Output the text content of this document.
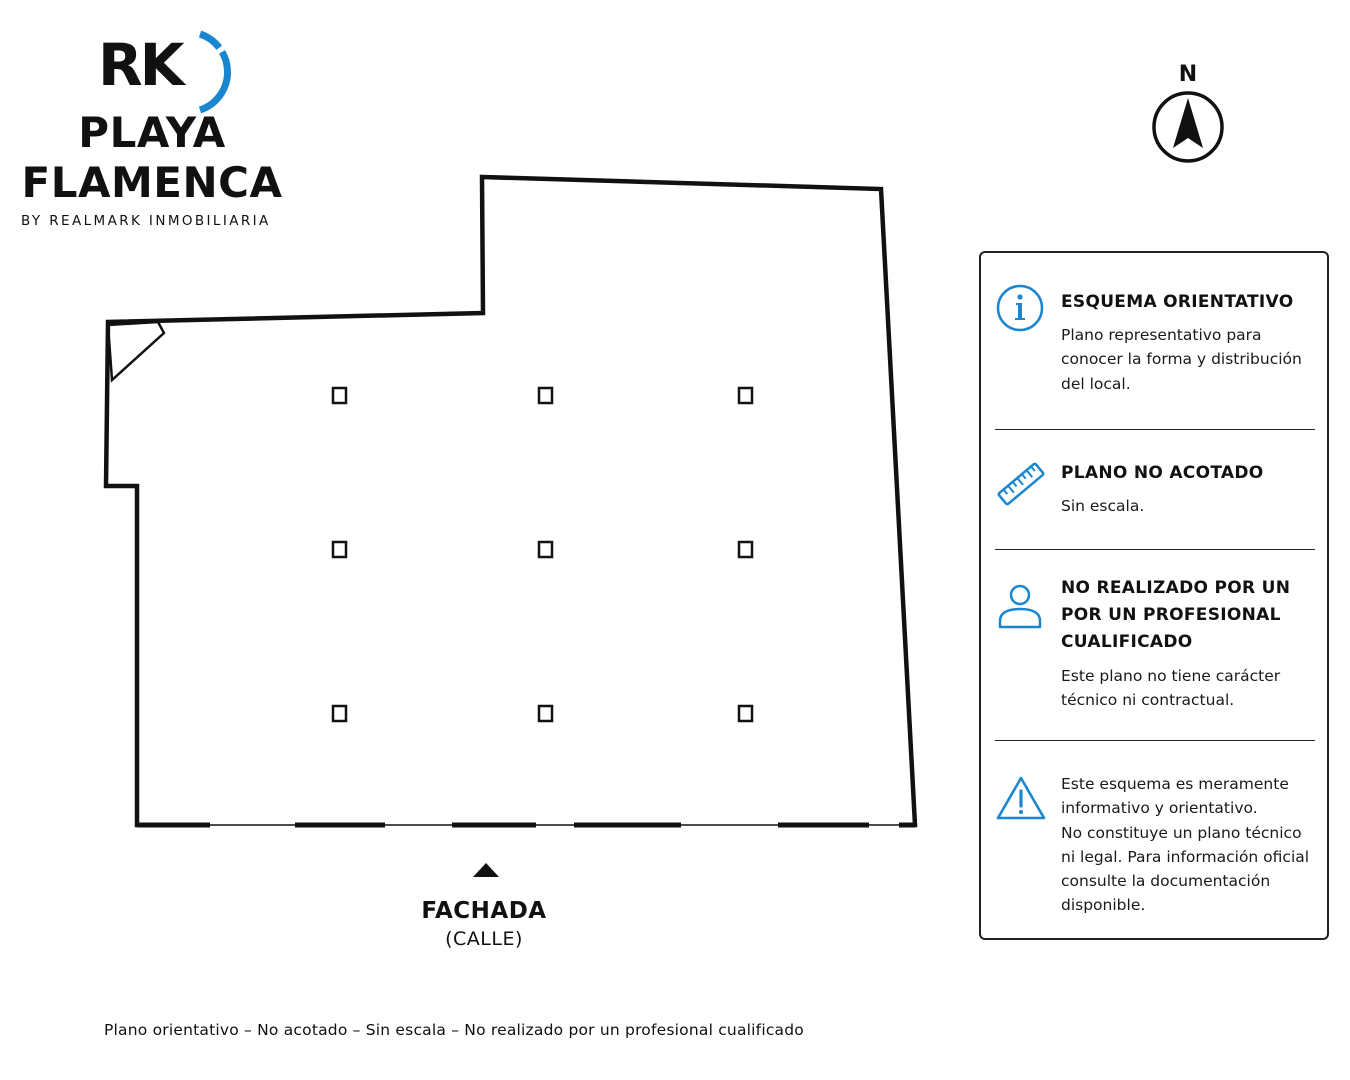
RK
PLAYA
FLAMENCA
BY REALMARK INMOBILIARIA
N
FACHADA
(CALLE)
ESQUEMA ORIENTATIVO
Plano representativo para
conocer la forma y distribución
del local.
PLANO NO ACOTADO
Sin escala.
NO REALIZADO POR UN
POR UN PROFESIONAL
CUALIFICADO
Este plano no tiene carácter
técnico ni contractual.
Este esquema es meramente
informativo y orientativo.
No constituye un plano técnico
ni legal. Para información oficial
consulte la documentación
disponible.
Plano orientativo – No acotado – Sin escala – No realizado por un profesional cualificado
